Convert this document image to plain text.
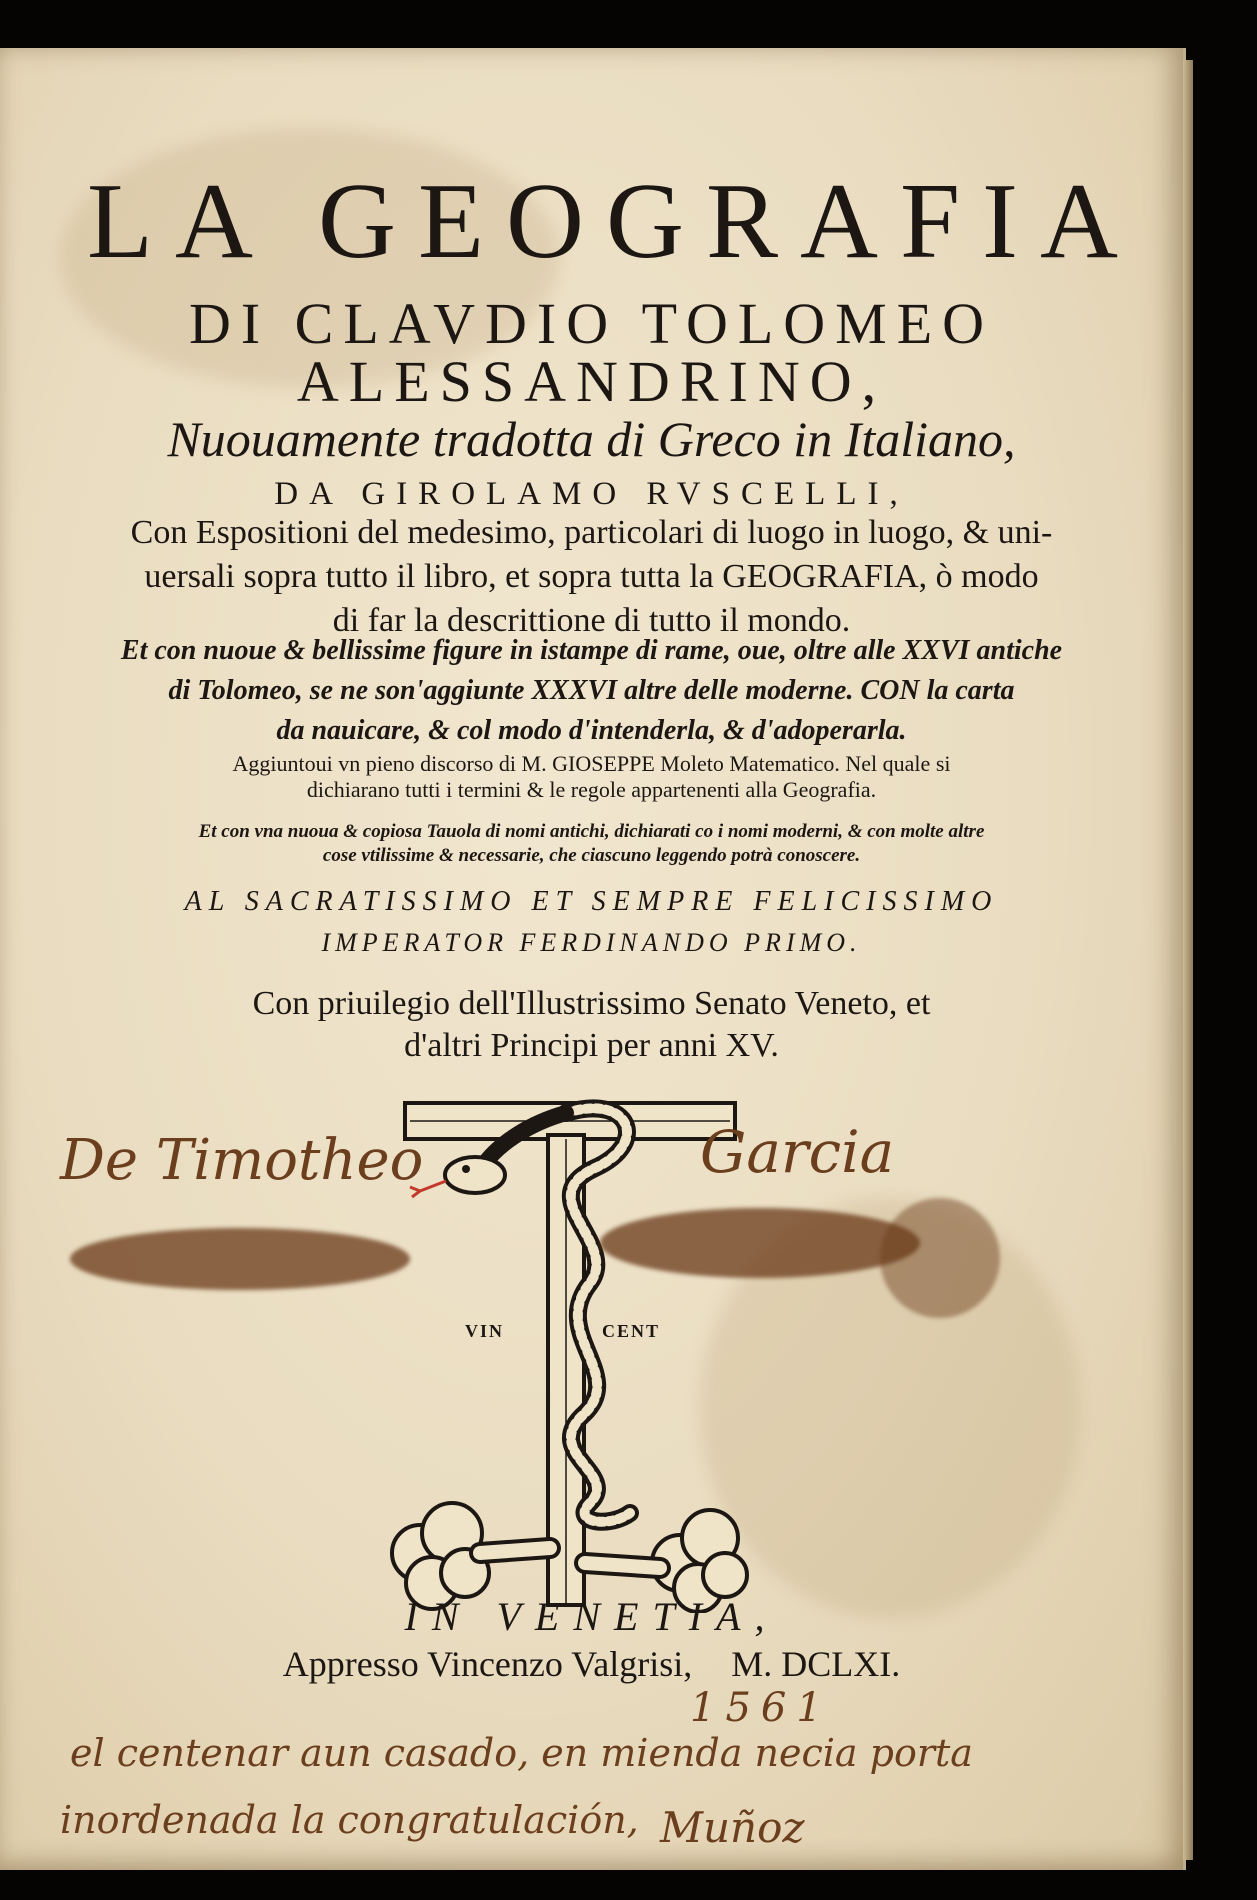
LA GEOGRAFIA
DI CLAVDIO TOLOMEO
ALESSANDRINO,
Nuouamente tradotta di Greco in Italiano,
DA GIROLAMO RVSCELLI,
Con Espositioni del medesimo, particolari di luogo in luogo, & uni-
uersali sopra tutto il libro, et sopra tutta la GEOGRAFIA, ò modo
di far la descrittione di tutto il mondo.
Et con nuoue & bellissime figure in istampe di rame, oue, oltre alle XXVI antiche
di Tolomeo, se ne son'aggiunte XXXVI altre delle moderne. CON la carta
da nauicare, & col modo d'intenderla, & d'adoperarla.
Aggiuntoui vn pieno discorso di M. GIOSEPPE Moleto Matematico. Nel quale si
dichiarano tutti i termini & le regole appartenenti alla Geografia.
Et con vna nuoua & copiosa Tauola di nomi antichi, dichiarati co i nomi moderni, & con molte altre
cose vtilissime & necessarie, che ciascuno leggendo potrà conoscere.
AL SACRATISSIMO ET SEMPRE FELICISSIMO
IMPERATOR FERDINANDO PRIMO.
Con priuilegio dell'Illustrissimo Senato Veneto, et
d'altri Principi per anni XV.
VIN	CENT
De Timotheo	Garcia
IN VENETIA,
Appresso Vincenzo Valgrisi, M. DCLXI.
1561
el centenar aun casado, en mienda necia porta
inordenada la congratulación, Muñoz
